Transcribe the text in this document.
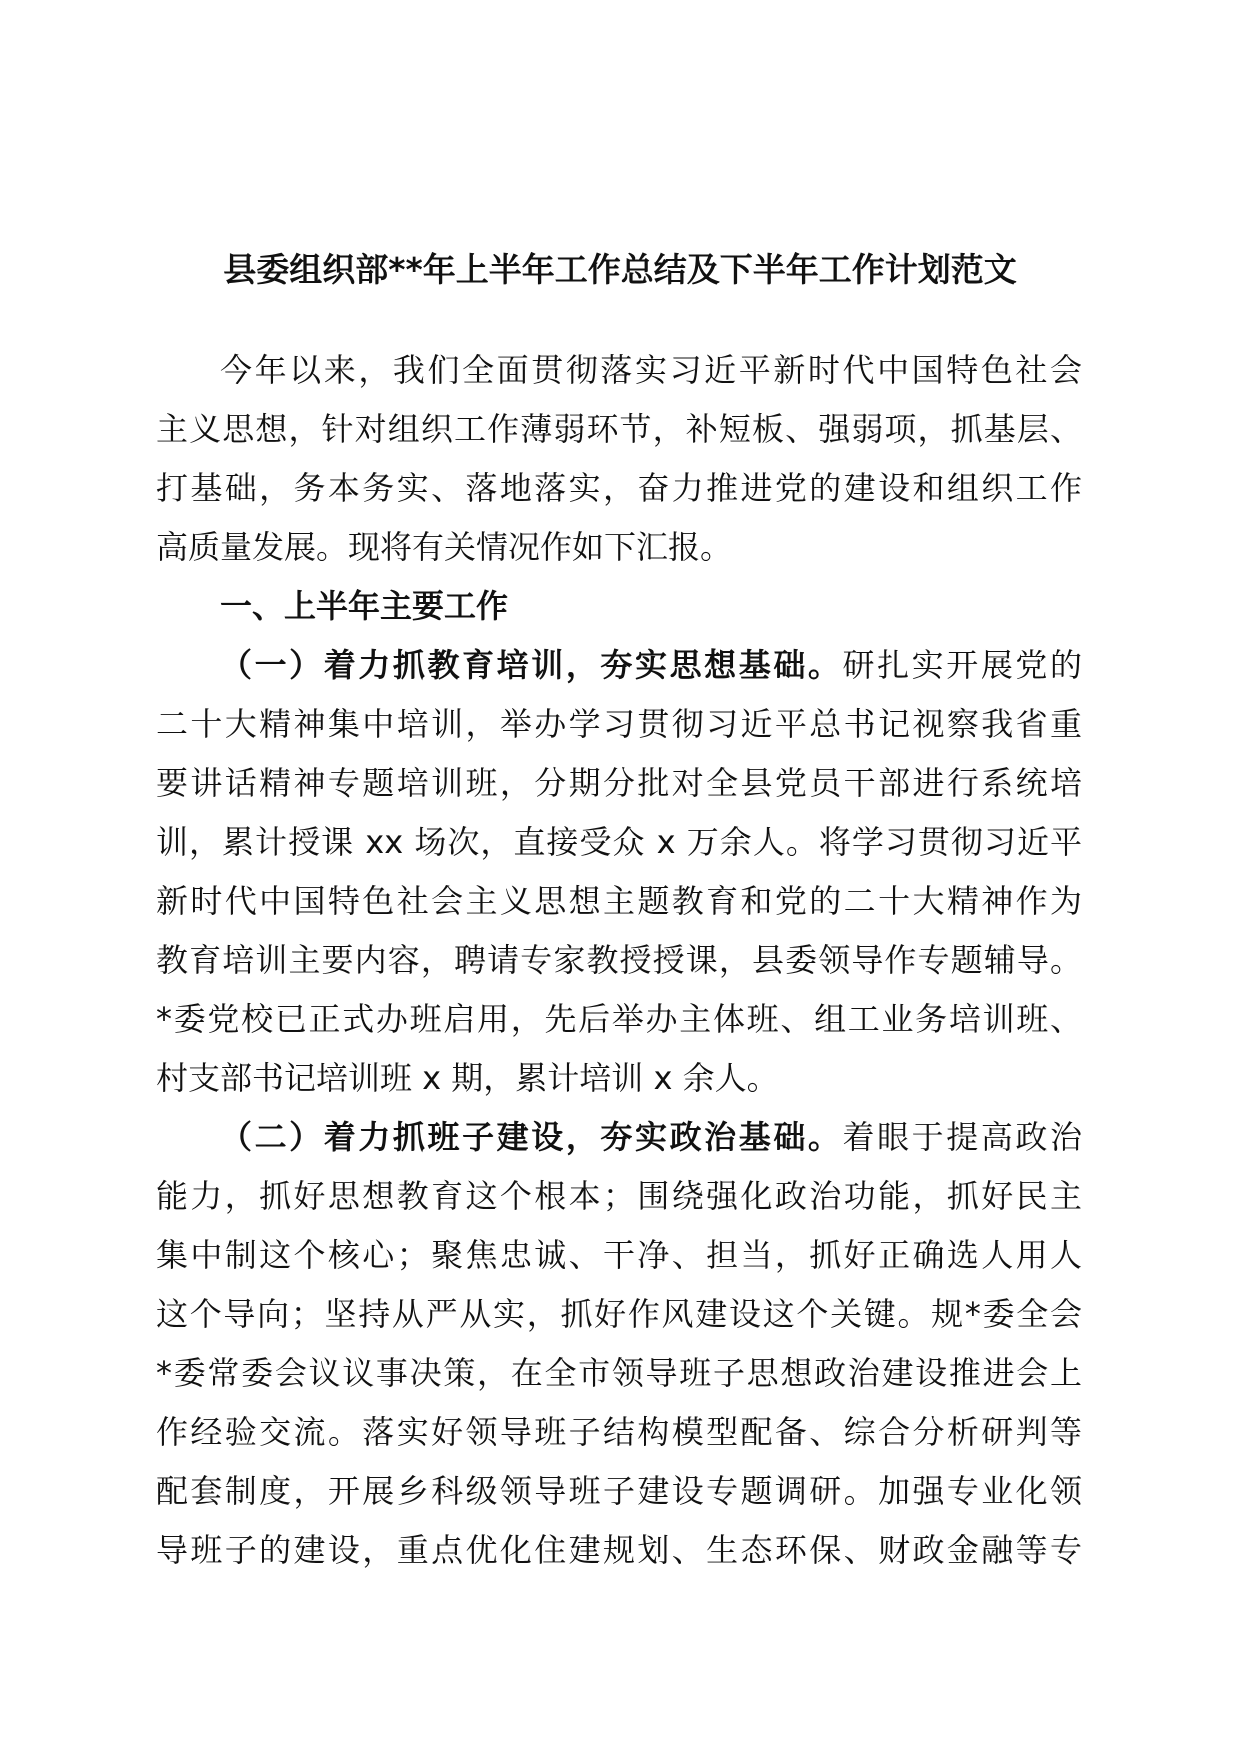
县委组织部**年上半年工作总结及下半年工作计划范文
今年以来，我们全面贯彻落实习近平新时代中国特色社会
主义思想，针对组织工作薄弱环节，补短板、强弱项，抓基层、
打基础，务本务实、落地落实，奋力推进党的建设和组织工作
高质量发展。现将有关情况作如下汇报。
一、上半年主要工作
（一）着力抓教育培训，夯实思想基础。研扎实开展党的
二十大精神集中培训，举办学习贯彻习近平总书记视察我省重
要讲话精神专题培训班，分期分批对全县党员干部进行系统培
训，累计授课 xx 场次，直接受众 x 万余人。将学习贯彻习近平
新时代中国特色社会主义思想主题教育和党的二十大精神作为
教育培训主要内容，聘请专家教授授课，县委领导作专题辅导。
*委党校已正式办班启用，先后举办主体班、组工业务培训班、
村支部书记培训班 x 期，累计培训 x 余人。
（二）着力抓班子建设，夯实政治基础。着眼于提高政治
能力，抓好思想教育这个根本；围绕强化政治功能，抓好民主
集中制这个核心；聚焦忠诚、干净、担当，抓好正确选人用人
这个导向；坚持从严从实，抓好作风建设这个关键。规*委全会
*委常委会议议事决策，在全市领导班子思想政治建设推进会上
作经验交流。落实好领导班子结构模型配备、综合分析研判等
配套制度，开展乡科级领导班子建设专题调研。加强专业化领
导班子的建设，重点优化住建规划、生态环保、财政金融等专
